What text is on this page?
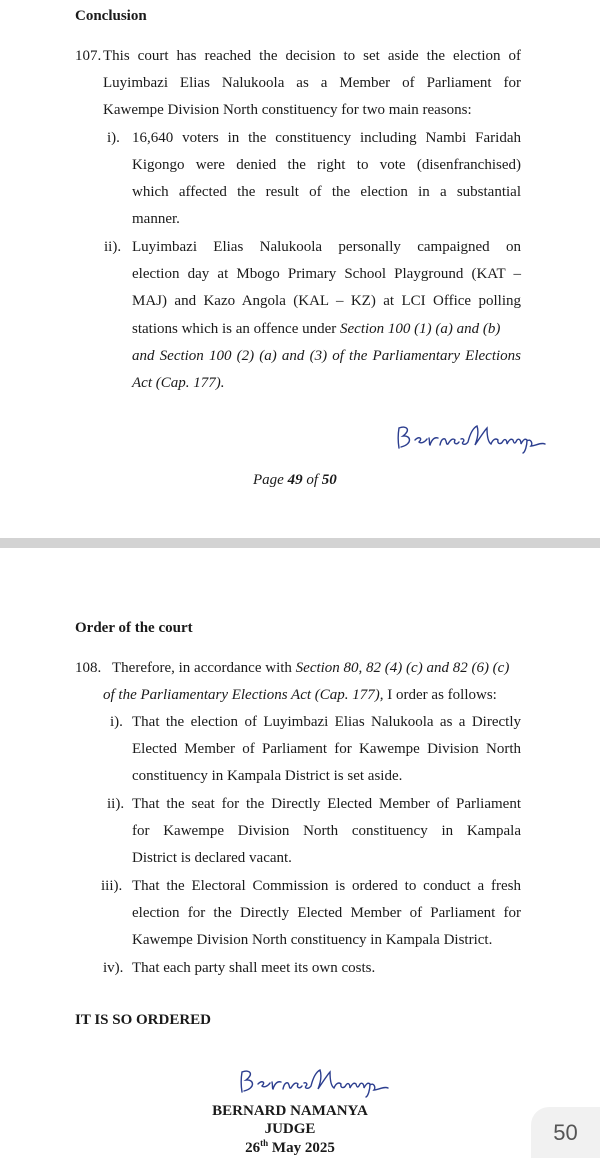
Conclusion
107. This court has reached the decision to set aside the election of
Luyimbazi Elias Nalukoola as a Member of Parliament for
Kawempe Division North constituency for two main reasons:
i). 16,640 voters in the constituency including Nambi Faridah
Kigongo were denied the right to vote (disenfranchised)
which affected the result of the election in a substantial
manner.
ii). Luyimbazi Elias Nalukoola personally campaigned on
election day at Mbogo Primary School Playground (KAT –
MAJ) and Kazo Angola (KAL – KZ) at LCI Office polling
stations which is an offence under Section 100 (1) (a) and (b)
and Section 100 (2) (a) and (3) of the Parliamentary Elections
Act (Cap. 177).
Page 49 of 50
Order of the court
108. Therefore, in accordance with Section 80, 82 (4) (c) and 82 (6) (c)
of the Parliamentary Elections Act (Cap. 177), I order as follows:
i). That the election of Luyimbazi Elias Nalukoola as a Directly
Elected Member of Parliament for Kawempe Division North
constituency in Kampala District is set aside.
ii). That the seat for the Directly Elected Member of Parliament
for Kawempe Division North constituency in Kampala
District is declared vacant.
iii). That the Electoral Commission is ordered to conduct a fresh
election for the Directly Elected Member of Parliament for
Kawempe Division North constituency in Kampala District.
iv). That each party shall meet its own costs.
IT IS SO ORDERED
BERNARD NAMANYA
JUDGE
26th May 2025
50
